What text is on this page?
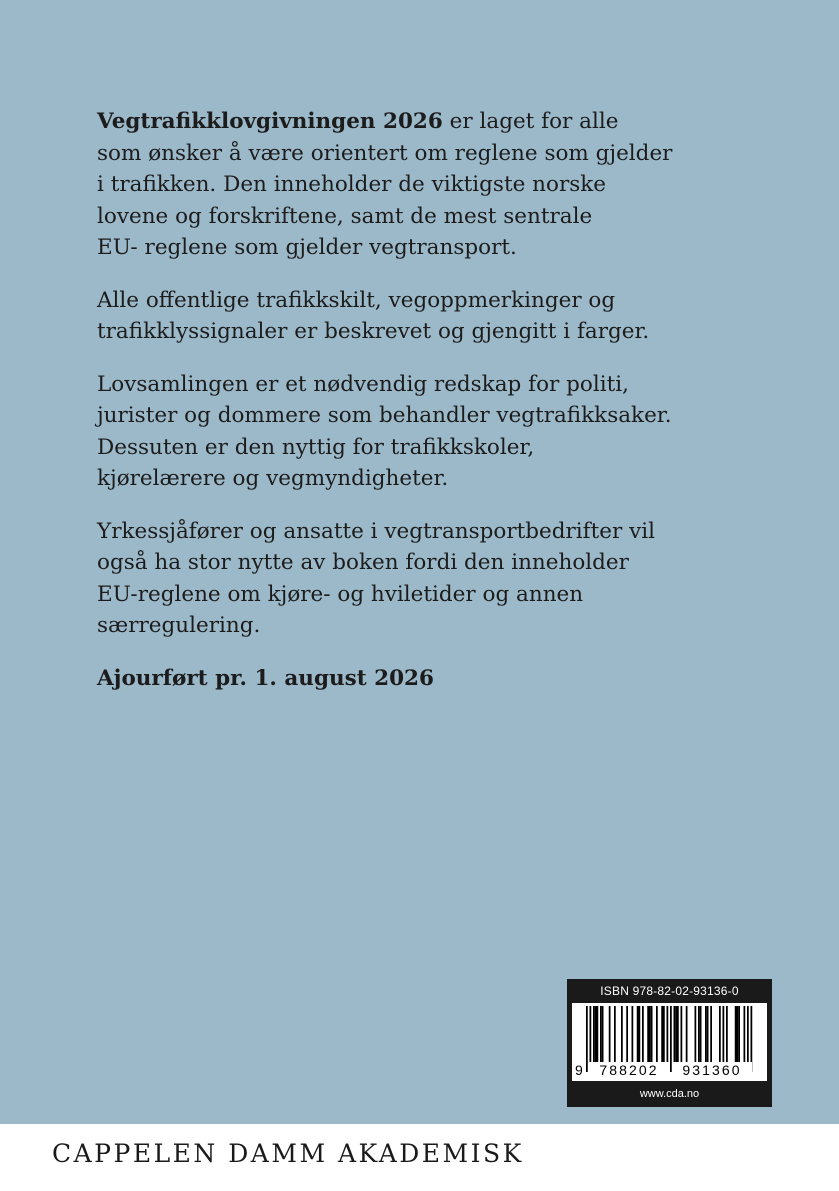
Vegtrafikklovgivningen 2026 er laget for alle
som ønsker å være orientert om reglene som gjelder
i trafikken. Den inneholder de viktigste norske
lovene og forskriftene, samt de mest sentrale
EU- reglene som gjelder vegtransport.

Alle offentlige trafikkskilt, vegoppmerkinger og
trafikklyssignaler er beskrevet og gjengitt i farger.

Lovsamlingen er et nødvendig redskap for politi,
jurister og dommere som behandler vegtrafikksaker.
Dessuten er den nyttig for trafikkskoler,
kjørelærere og vegmyndigheter.

Yrkessjåfører og ansatte i vegtransportbedrifter vil
også ha stor nytte av boken fordi den inneholder
EU-reglene om kjøre- og hviletider og annen
særregulering.

Ajourført pr. 1. august 2026

ISBN 978-82-02-93136-0
9	788202	931360
www.cda.no
CAPPELEN DAMM AKADEMISK
